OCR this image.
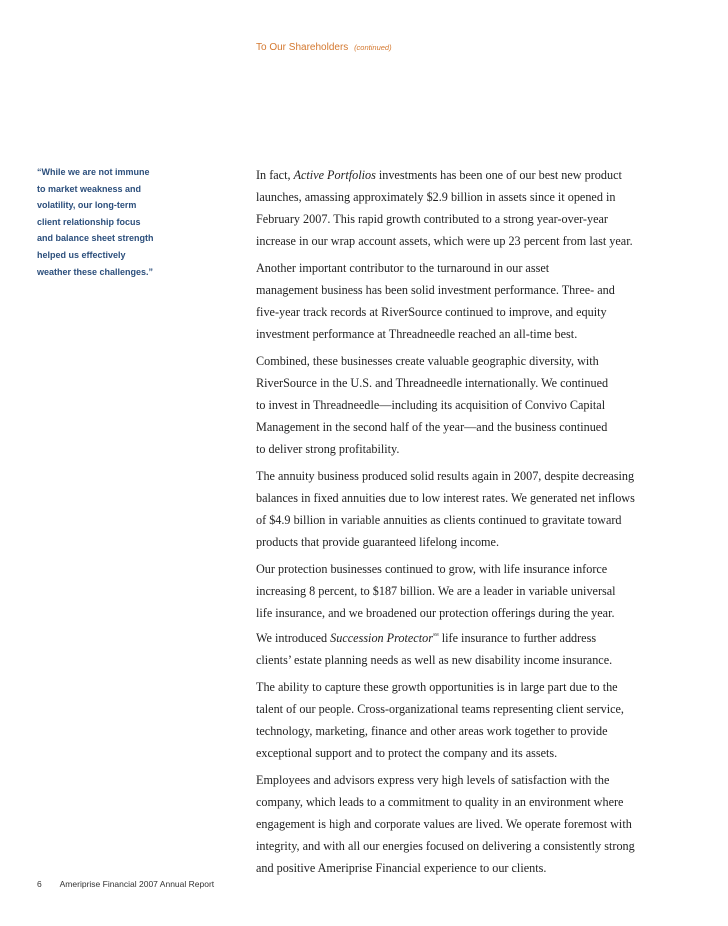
To Our Shareholders (continued)
“While we are not immune
to market weakness and
volatility, our long-term
client relationship focus
and balance sheet strength
helped us effectively
weather these challenges.”
In fact, Active Portfolios investments has been one of our best new product
launches, amassing approximately $2.9 billion in assets since it opened in
February 2007. This rapid growth contributed to a strong year-over-year
increase in our wrap account assets, which were up 23 percent from last year.
Another important contributor to the turnaround in our asset
management business has been solid investment performance. Three- and
five-year track records at RiverSource continued to improve, and equity
investment performance at Threadneedle reached an all-time best.
Combined, these businesses create valuable geographic diversity, with
RiverSource in the U.S. and Threadneedle internationally. We continued
to invest in Threadneedle—including its acquisition of Convivo Capital
Management in the second half of the year—and the business continued
to deliver strong profitability.
The annuity business produced solid results again in 2007, despite decreasing
balances in fixed annuities due to low interest rates. We generated net inflows
of $4.9 billion in variable annuities as clients continued to gravitate toward
products that provide guaranteed lifelong income.
Our protection businesses continued to grow, with life insurance inforce
increasing 8 percent, to $187 billion. We are a leader in variable universal
life insurance, and we broadened our protection offerings during the year.
We introduced Succession Protector℠ life insurance to further address
clients’ estate planning needs as well as new disability income insurance.
The ability to capture these growth opportunities is in large part due to the
talent of our people. Cross-organizational teams representing client service,
technology, marketing, finance and other areas work together to provide
exceptional support and to protect the company and its assets.
Employees and advisors express very high levels of satisfaction with the
company, which leads to a commitment to quality in an environment where
engagement is high and corporate values are lived. We operate foremost with
integrity, and with all our energies focused on delivering a consistently strong
and positive Ameriprise Financial experience to our clients.
6 Ameriprise Financial 2007 Annual Report
